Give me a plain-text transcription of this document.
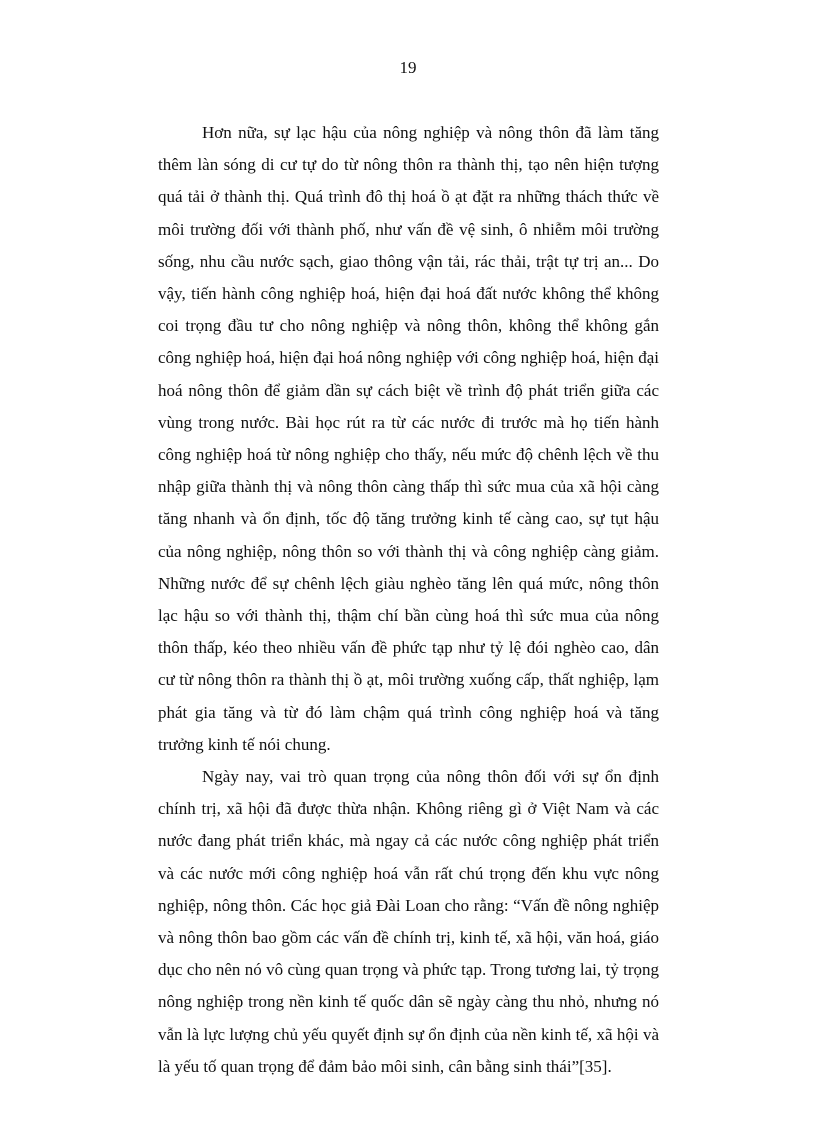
19

Hơn nữa, sự lạc hậu của nông nghiệp và nông thôn đã làm tăng thêm làn sóng di cư tự do từ nông thôn ra thành thị, tạo nên hiện tượng quá tải ở thành thị. Quá trình đô thị hoá ồ ạt đặt ra những thách thức về môi trường đối với thành phố, như vấn đề vệ sinh, ô nhiễm môi trường sống, nhu cầu nước sạch, giao thông vận tải, rác thải, trật tự trị an... Do vậy, tiến hành công nghiệp hoá, hiện đại hoá đất nước không thể không coi trọng đầu tư cho nông nghiệp và nông thôn, không thể không gắn công nghiệp hoá, hiện đại hoá nông nghiệp với công nghiệp hoá, hiện đại hoá nông thôn để giảm dần sự cách biệt về trình độ phát triển giữa các vùng trong nước. Bài học rút ra từ các nước đi trước mà họ tiến hành công nghiệp hoá từ nông nghiệp cho thấy, nếu mức độ chênh lệch về thu nhập giữa thành thị và nông thôn càng thấp thì sức mua của xã hội càng tăng nhanh và ổn định, tốc độ tăng trưởng kinh tế càng cao, sự tụt hậu của nông nghiệp, nông thôn so với thành thị và công nghiệp càng giảm. Những nước để sự chênh lệch giàu nghèo tăng lên quá mức, nông thôn lạc hậu so với thành thị, thậm chí bần cùng hoá thì sức mua của nông thôn thấp, kéo theo nhiều vấn đề phức tạp như tỷ lệ đói nghèo cao, dân cư từ nông thôn ra thành thị ồ ạt, môi trường xuống cấp, thất nghiệp, lạm phát gia tăng và từ đó làm chậm quá trình công nghiệp hoá và tăng trưởng kinh tế nói chung.

Ngày nay, vai trò quan trọng của nông thôn đối với sự ổn định chính trị, xã hội đã được thừa nhận. Không riêng gì ở Việt Nam và các nước đang phát triển khác, mà ngay cả các nước công nghiệp phát triển và các nước mới công nghiệp hoá vẫn rất chú trọng đến khu vực nông nghiệp, nông thôn. Các học giả Đài Loan cho rằng: “Vấn đề nông nghiệp và nông thôn bao gồm các vấn đề chính trị, kinh tế, xã hội, văn hoá, giáo dục cho nên nó vô cùng quan trọng và phức tạp. Trong tương lai, tỷ trọng nông nghiệp trong nền kinh tế quốc dân sẽ ngày càng thu nhỏ, nhưng nó vẫn là lực lượng chủ yếu quyết định sự ổn định của nền kinh tế, xã hội và là yếu tố quan trọng để đảm bảo môi sinh, cân bằng sinh thái”[35].
